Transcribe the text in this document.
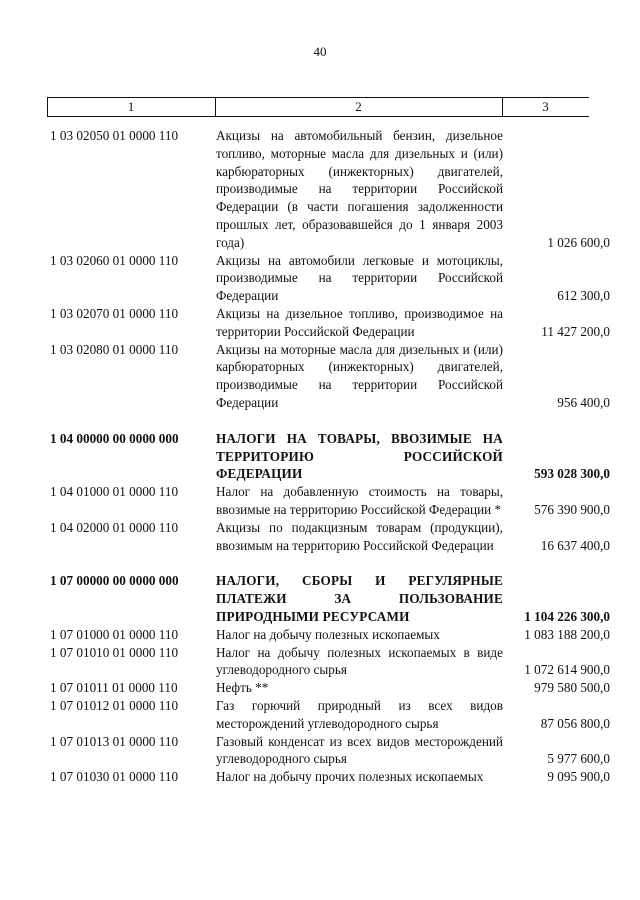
40
1	2	3
1 03 02050 01 0000 110	Акцизы на автомобильный бензин, дизельное топливо, моторные масла для дизельных и (или) карбюраторных (инжекторных) двигателей, производимые на территории Российской Федерации (в части погашения задолженности прошлых лет, образовавшейся до 1 января 2003 года)	1 026 600,0
1 03 02060 01 0000 110	Акцизы на автомобили легковые и мотоциклы, производимые на территории Российской Федерации	612 300,0
1 03 02070 01 0000 110	Акцизы на дизельное топливо, производимое на территории Российской Федерации	11 427 200,0
1 03 02080 01 0000 110	Акцизы на моторные масла для дизельных и (или) карбюраторных (инжекторных) двигателей, производимые на территории Российской Федерации	956 400,0
1 04 00000 00 0000 000	НАЛОГИ НА ТОВАРЫ, ВВОЗИМЫЕ НА ТЕРРИТОРИЮ РОССИЙСКОЙ ФЕДЕРАЦИИ	593 028 300,0
1 04 01000 01 0000 110	Налог на добавленную стоимость на товары, ввозимые на территорию Российской Федерации *	576 390 900,0
1 04 02000 01 0000 110	Акцизы по подакцизным товарам (продукции), ввозимым на территорию Российской Федерации	16 637 400,0
1 07 00000 00 0000 000	НАЛОГИ, СБОРЫ И РЕГУЛЯРНЫЕ ПЛАТЕЖИ ЗА ПОЛЬЗОВАНИЕ ПРИРОДНЫМИ РЕСУРСАМИ	1 104 226 300,0
1 07 01000 01 0000 110	Налог на добычу полезных ископаемых	1 083 188 200,0
1 07 01010 01 0000 110	Налог на добычу полезных ископаемых в виде углеводородного сырья	1 072 614 900,0
1 07 01011 01 0000 110	Нефть **	979 580 500,0
1 07 01012 01 0000 110	Газ горючий природный из всех видов месторождений углеводородного сырья	87 056 800,0
1 07 01013 01 0000 110	Газовый конденсат из всех видов месторождений углеводородного сырья	5 977 600,0
1 07 01030 01 0000 110	Налог на добычу прочих полезных ископаемых	9 095 900,0
